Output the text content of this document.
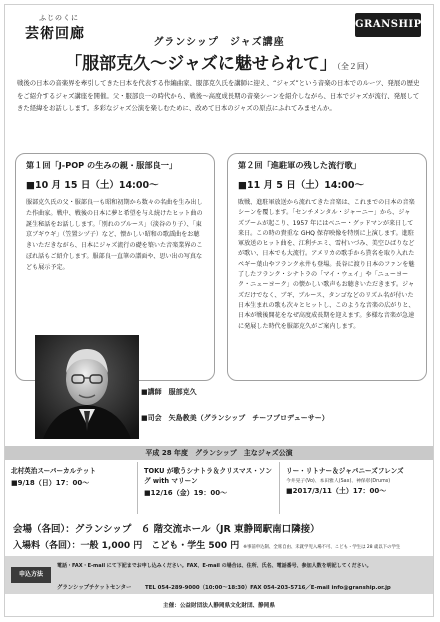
ふじのくに
芸術回廊
GRANSHIP
グランシップ　ジャズ講座
「服部克久～ジャズに魅せられて」（全２回）
戦後の日本の音楽界を牽引してきた日本を代表する作編曲家、服部克久氏を講師に迎え、“ジャズ”という音楽の日本でのルーツ、発展の歴史をご紹介するジャズ講座を開催。父・服部良一の時代から、戦後～高度成長期の音楽シーンを紹介しながら、日本でジャズが流行、発展してきた経緯をお話しします。多彩なジャズ公演を楽しむために、改めて日本のジャズの原点にふれてみませんか。
第１回「J-POP の生みの親・服部良一」
■10 月 15 日（土）14:00～
服部克久氏の父・服部良一も昭和初期から数々の名曲を生み出した作曲家。戦中、戦後の日本に夢と希望を与え続けたヒット曲の誕生秘話をお話しします。「別れのブルース」（淡谷のり子）、「東京ブギウギ」（笠置シヅ子）など、懐かしい昭和の歌謡曲をお聴きいただきながら、日本にジャズ流行の礎を築いた音楽業界のこぼれ話もご紹介します。服部良一直筆の譜面や、思い出の写真なども展示予定。
第２回「進駐軍の残した流行歌」
■11 月 5 日（土）14:00～
敗戦、進駐軍放送から流れてきた音楽は、これまでの日本の音楽シーンを覆します。「センチメンタル・ジャーニー」から、ジャズブームが起こり、1957 年にはベニー・グッドマンが来日して来日。この時の貴重な GHQ 保存映像を特別に上演します。進駐軍放送のヒット曲を、江利チエミ、雪村いづみ、美空ひばりなどが歌い、日本でも大流行。アメリカの歌手から貰名を取り入れたペギー葉山やフランク永井も登場。長谷に渡り日本のファンを魅了したフランク・シナトラの「マイ・ウェイ」や「ニューヨーク・ニューヨーク」の懐かしい歌声もお聴きいただきます。ジャズだけでなく、ブギ、ブルース、タンゴなどのリズム名が付いた日本生まれの歌も次々とヒットし、このような音楽の広がりと、日本が戦後開花をなぜ高度成長期を迎えます。多様な音楽が急速に発展した時代を服部克久がご案内します。
■講師　服部克久
■司会　矢島教美（グランシップ　チーフプロデューサー）
平成 28 年度　グランシップ　主なジャズ公演
北村英治スーパーカルテット
■9/18（日）17：00～
TOKU が歌うシナトラ＆クリスマス・ソング with マリーン
■12/16（金）19：00～
リー・リトナー＆ジャパニーズフレンズ
今井晃子(Vo)、本田雅人(Sax)、神保彰(Drums)
■2017/3/11（土）17：00～
会場（各回）：グランシップ　６ 階交流ホール（JR 東静岡駅南口隣接）
入場料（各回）：一般 1,000 円　こども・学生 500 円 ※事前申込制、全席自由、未就学児入場不可、こども・学生は 28 歳以下の学生
申込方法
電話・FAX・E-mail にて下記までお申し込みください。FAX、E-mail の場合は、住所、氏名、電話番号、参加人数を明記してください。
グランシップチケットセンター	TEL 054-289-9000（10:00～18:30）FAX 054-203-5716／E-mail info@granship.or.jp
主催：公益財団法人静岡県文化財団、静岡県
